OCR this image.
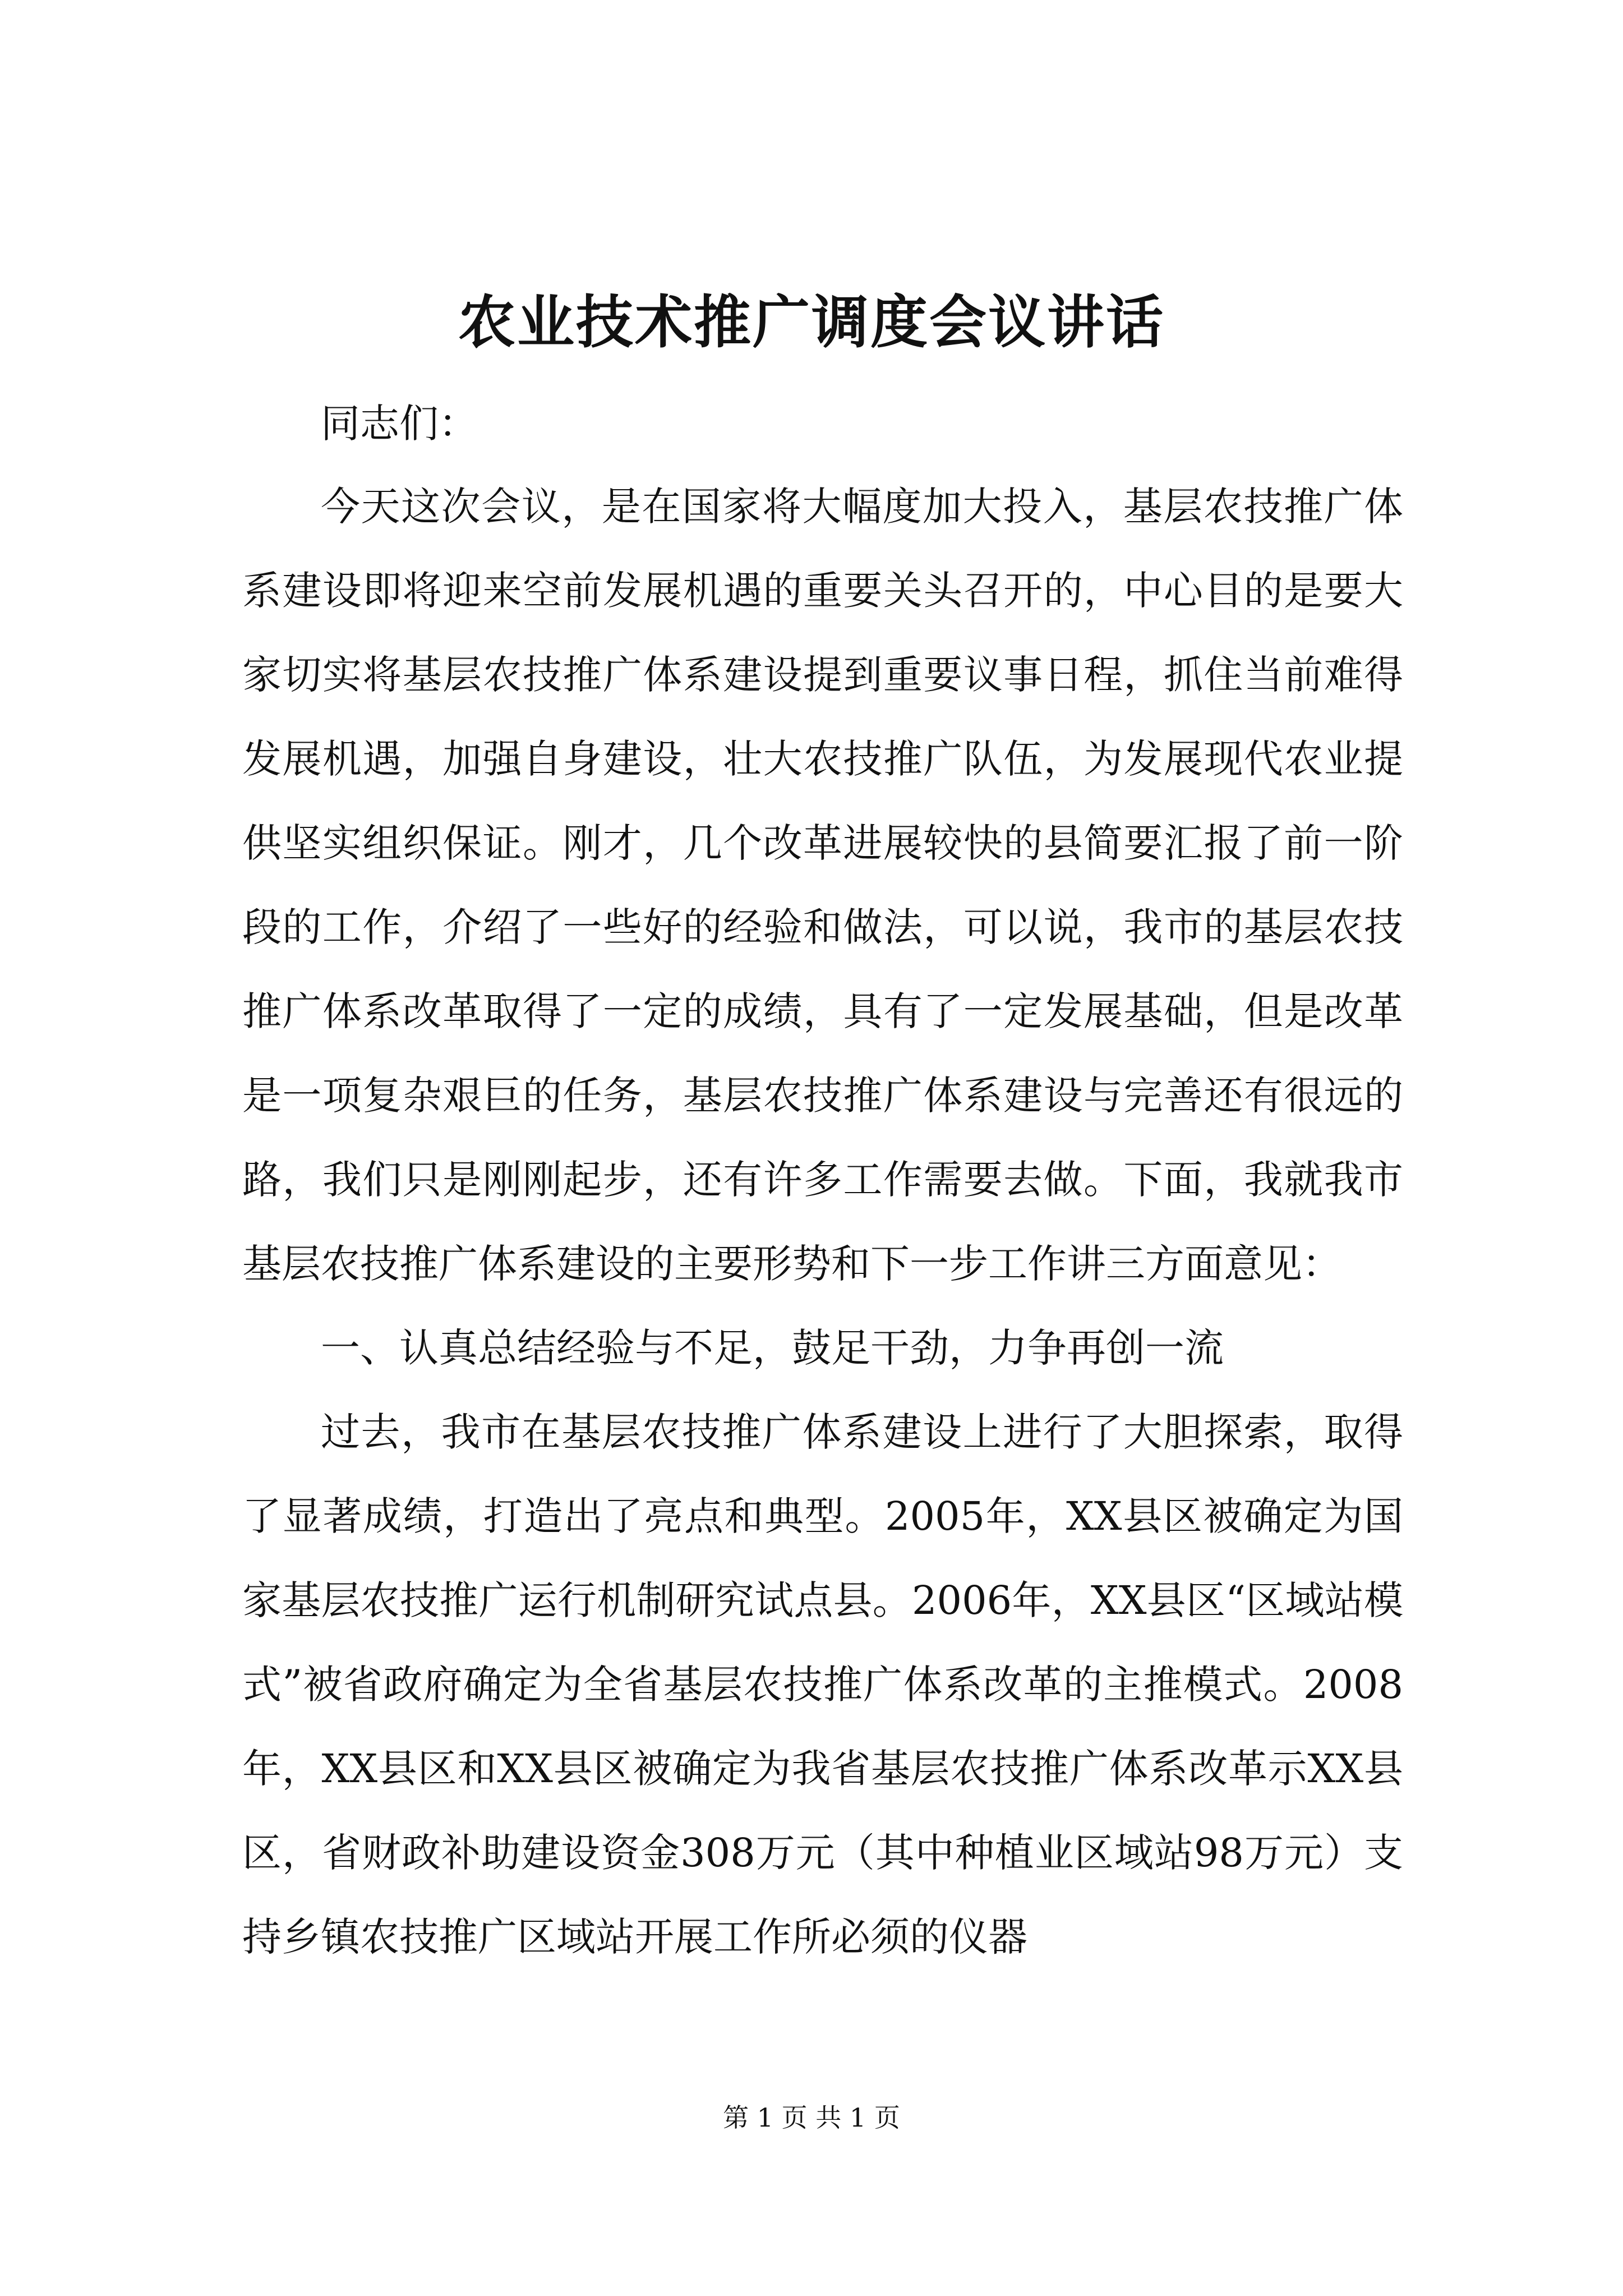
农业技术推广调度会议讲话

同志们：

今天这次会议，是在国家将大幅度加大投入，基层农技推广体系建设即将迎来空前发展机遇的重要关头召开的，中心目的是要大家切实将基层农技推广体系建设提到重要议事日程，抓住当前难得发展机遇，加强自身建设，壮大农技推广队伍，为发展现代农业提供坚实组织保证。刚才，几个改革进展较快的县简要汇报了前一阶段的工作，介绍了一些好的经验和做法，可以说，我市的基层农技推广体系改革取得了一定的成绩，具有了一定发展基础，但是改革是一项复杂艰巨的任务，基层农技推广体系建设与完善还有很远的路，我们只是刚刚起步，还有许多工作需要去做。下面，我就我市基层农技推广体系建设的主要形势和下一步工作讲三方面意见：

一、认真总结经验与不足，鼓足干劲，力争再创一流

过去，我市在基层农技推广体系建设上进行了大胆探索，取得了显著成绩，打造出了亮点和典型。2005年，XX县区被确定为国家基层农技推广运行机制研究试点县。2006年，XX县区“区域站模式”被省政府确定为全省基层农技推广体系改革的主推模式。2008年，XX县区和XX县区被确定为我省基层农技推广体系改革示XX县区，省财政补助建设资金308万元（其中种植业区域站98万元）支持乡镇农技推广区域站开展工作所必须的仪器

第 1 页 共 1 页
